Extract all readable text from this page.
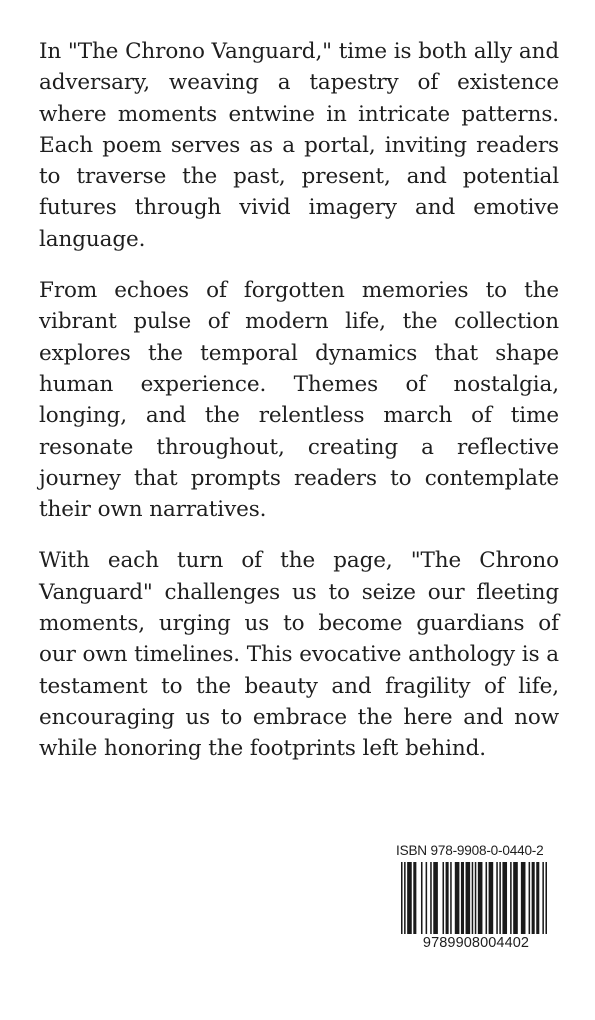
In "The Chrono Vanguard," time is both ally and adversary, weaving a tapestry of existence where moments entwine in intricate patterns. Each poem serves as a portal, inviting readers to traverse the past, present, and potential futures through vivid imagery and emotive language.

From echoes of forgotten memories to the vibrant pulse of modern life, the collection explores the temporal dynamics that shape human experience. Themes of nostalgia, longing, and the relentless march of time resonate throughout, creating a reflective journey that prompts readers to contemplate their own narratives.

With each turn of the page, "The Chrono Vanguard" challenges us to seize our fleeting moments, urging us to become guardians of our own timelines. This evocative anthology is a testament to the beauty and fragility of life, encouraging us to embrace the here and now while honoring the footprints left behind.

ISBN 978-9908-0-0440-2
9789908004402
